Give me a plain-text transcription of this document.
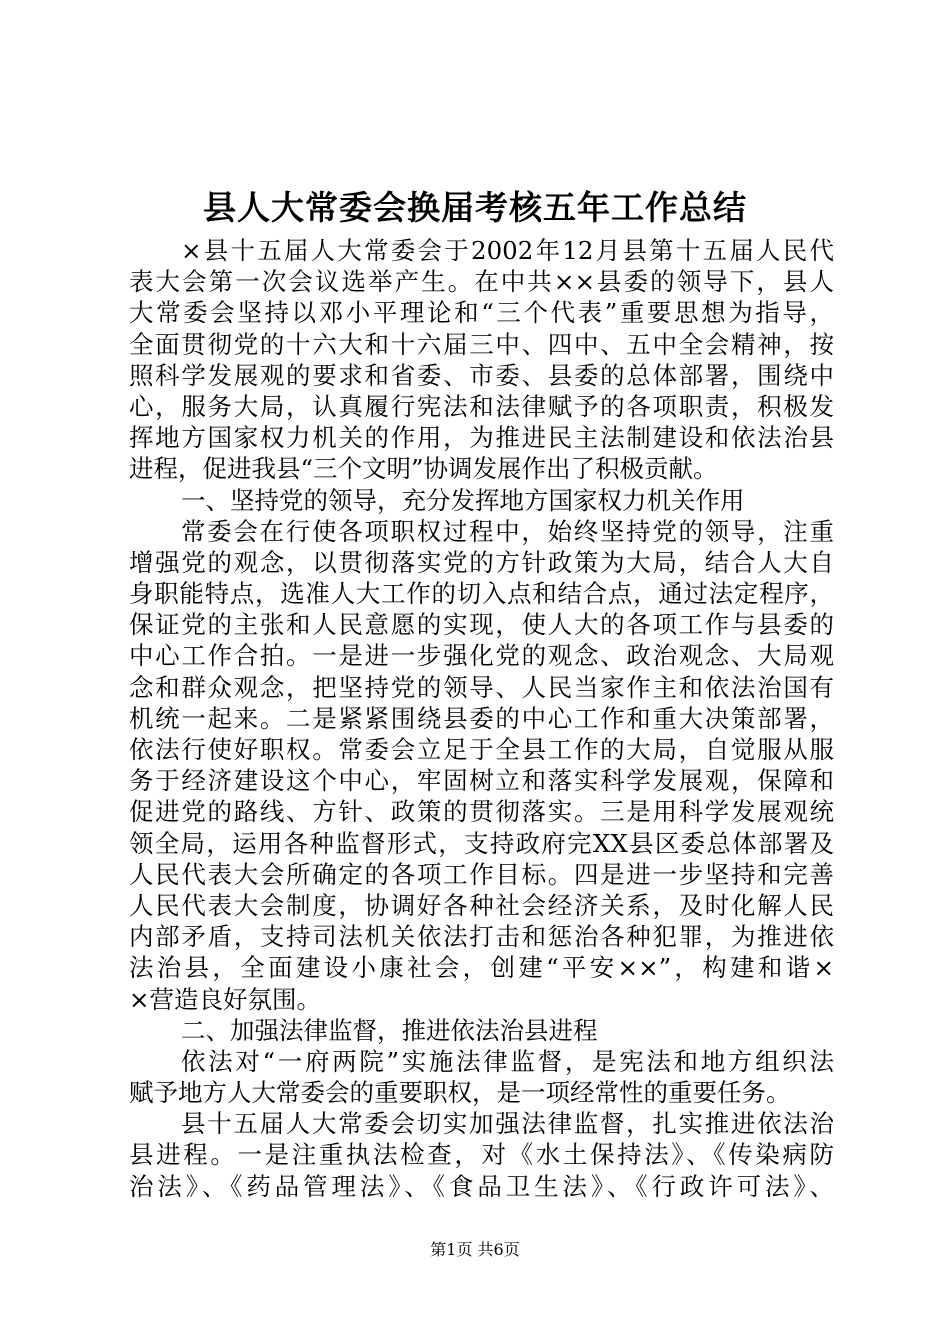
县人大常委会换届考核五年工作总结
×县十五届人大常委会于2002年12月县第十五届人民代
表大会第一次会议选举产生。在中共××县委的领导下，县人
大常委会坚持以邓小平理论和“三个代表”重要思想为指导，
全面贯彻党的十六大和十六届三中、四中、五中全会精神，按
照科学发展观的要求和省委、市委、县委的总体部署，围绕中
心，服务大局，认真履行宪法和法律赋予的各项职责，积极发
挥地方国家权力机关的作用，为推进民主法制建设和依法治县
进程，促进我县“三个文明”协调发展作出了积极贡献。
一、坚持党的领导，充分发挥地方国家权力机关作用
常委会在行使各项职权过程中，始终坚持党的领导，注重
增强党的观念，以贯彻落实党的方针政策为大局，结合人大自
身职能特点，选准人大工作的切入点和结合点，通过法定程序，
保证党的主张和人民意愿的实现，使人大的各项工作与县委的
中心工作合拍。一是进一步强化党的观念、政治观念、大局观
念和群众观念，把坚持党的领导、人民当家作主和依法治国有
机统一起来。二是紧紧围绕县委的中心工作和重大决策部署，
依法行使好职权。常委会立足于全县工作的大局，自觉服从服
务于经济建设这个中心，牢固树立和落实科学发展观，保障和
促进党的路线、方针、政策的贯彻落实。三是用科学发展观统
领全局，运用各种监督形式，支持政府完XX县区委总体部署及
人民代表大会所确定的各项工作目标。四是进一步坚持和完善
人民代表大会制度，协调好各种社会经济关系，及时化解人民
内部矛盾，支持司法机关依法打击和惩治各种犯罪，为推进依
法治县，全面建设小康社会，创建“平安××”，构建和谐×
×营造良好氛围。
二、加强法律监督，推进依法治县进程
依法对“一府两院”实施法律监督，是宪法和地方组织法
赋予地方人大常委会的重要职权，是一项经常性的重要任务。
县十五届人大常委会切实加强法律监督，扎实推进依法治
县进程。一是注重执法检查，对《水土保持法》、《传染病防
治法》、《药品管理法》、《食品卫生法》、《行政许可法》、
第1页 共6页
